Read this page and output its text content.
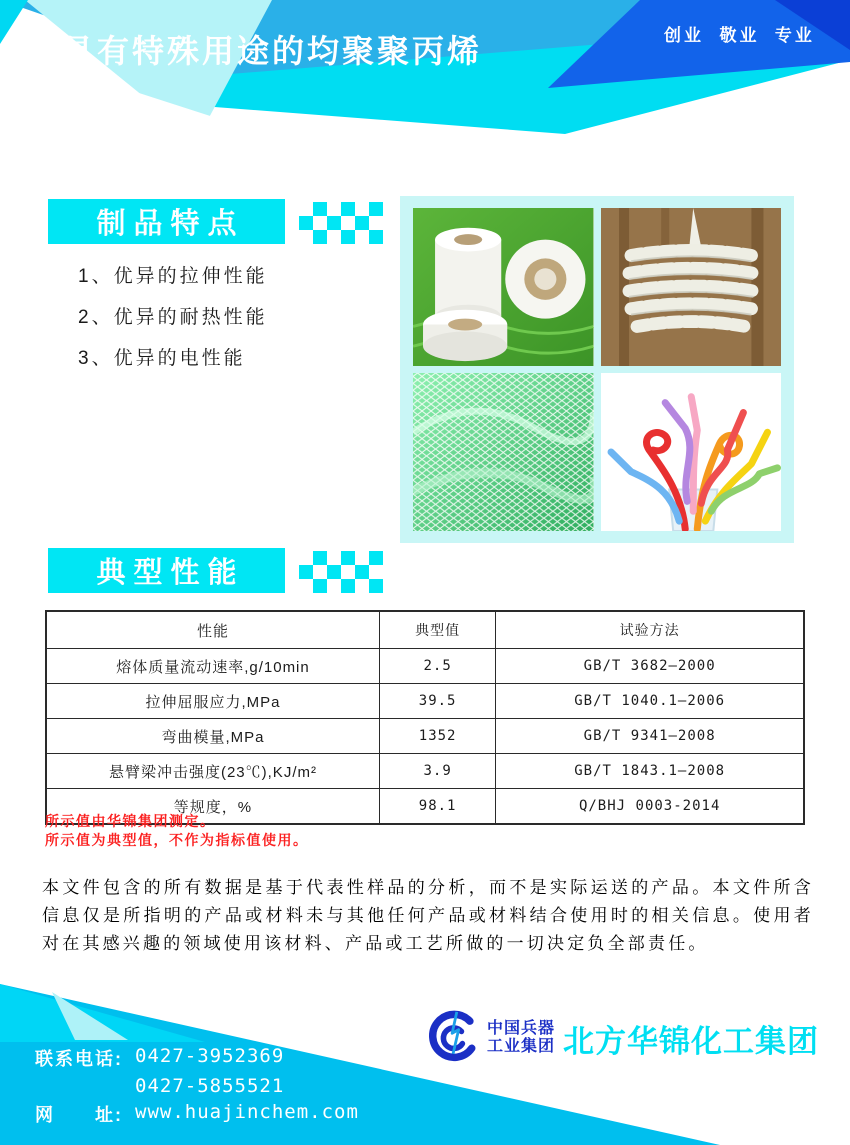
具有特殊用途的均聚聚丙烯	创业  敬业  专业
制品特点
1、优异的拉伸性能
2、优异的耐热性能
3、优异的电性能
典型性能
性能	典型值	试验方法
熔体质量流动速率,g/10min	2.5	GB/T 3682—2000
拉伸屈服应力,MPa	39.5	GB/T 1040.1—2006
弯曲模量,MPa	1352	GB/T 9341—2008
悬臂梁冲击强度(23℃),KJ/m²	3.9	GB/T 1843.1—2008
等规度，%	98.1	Q/BHJ 0003-2014
所示值由华锦集团测定。
所示值为典型值，不作为指标值使用。
本文件包含的所有数据是基于代表性样品的分析，而不是实际运送的产品。本文件所含信息仅是所指明的产品或材料未与其他任何产品或材料结合使用时的相关信息。使用者对在其感兴趣的领域使用该材料、产品或工艺所做的一切决定负全部责任。
联系电话: 0427-3952369
0427-5855521
网　　址: www.huajinchem.com
中国兵器
工业集团 北方华锦化工集团
